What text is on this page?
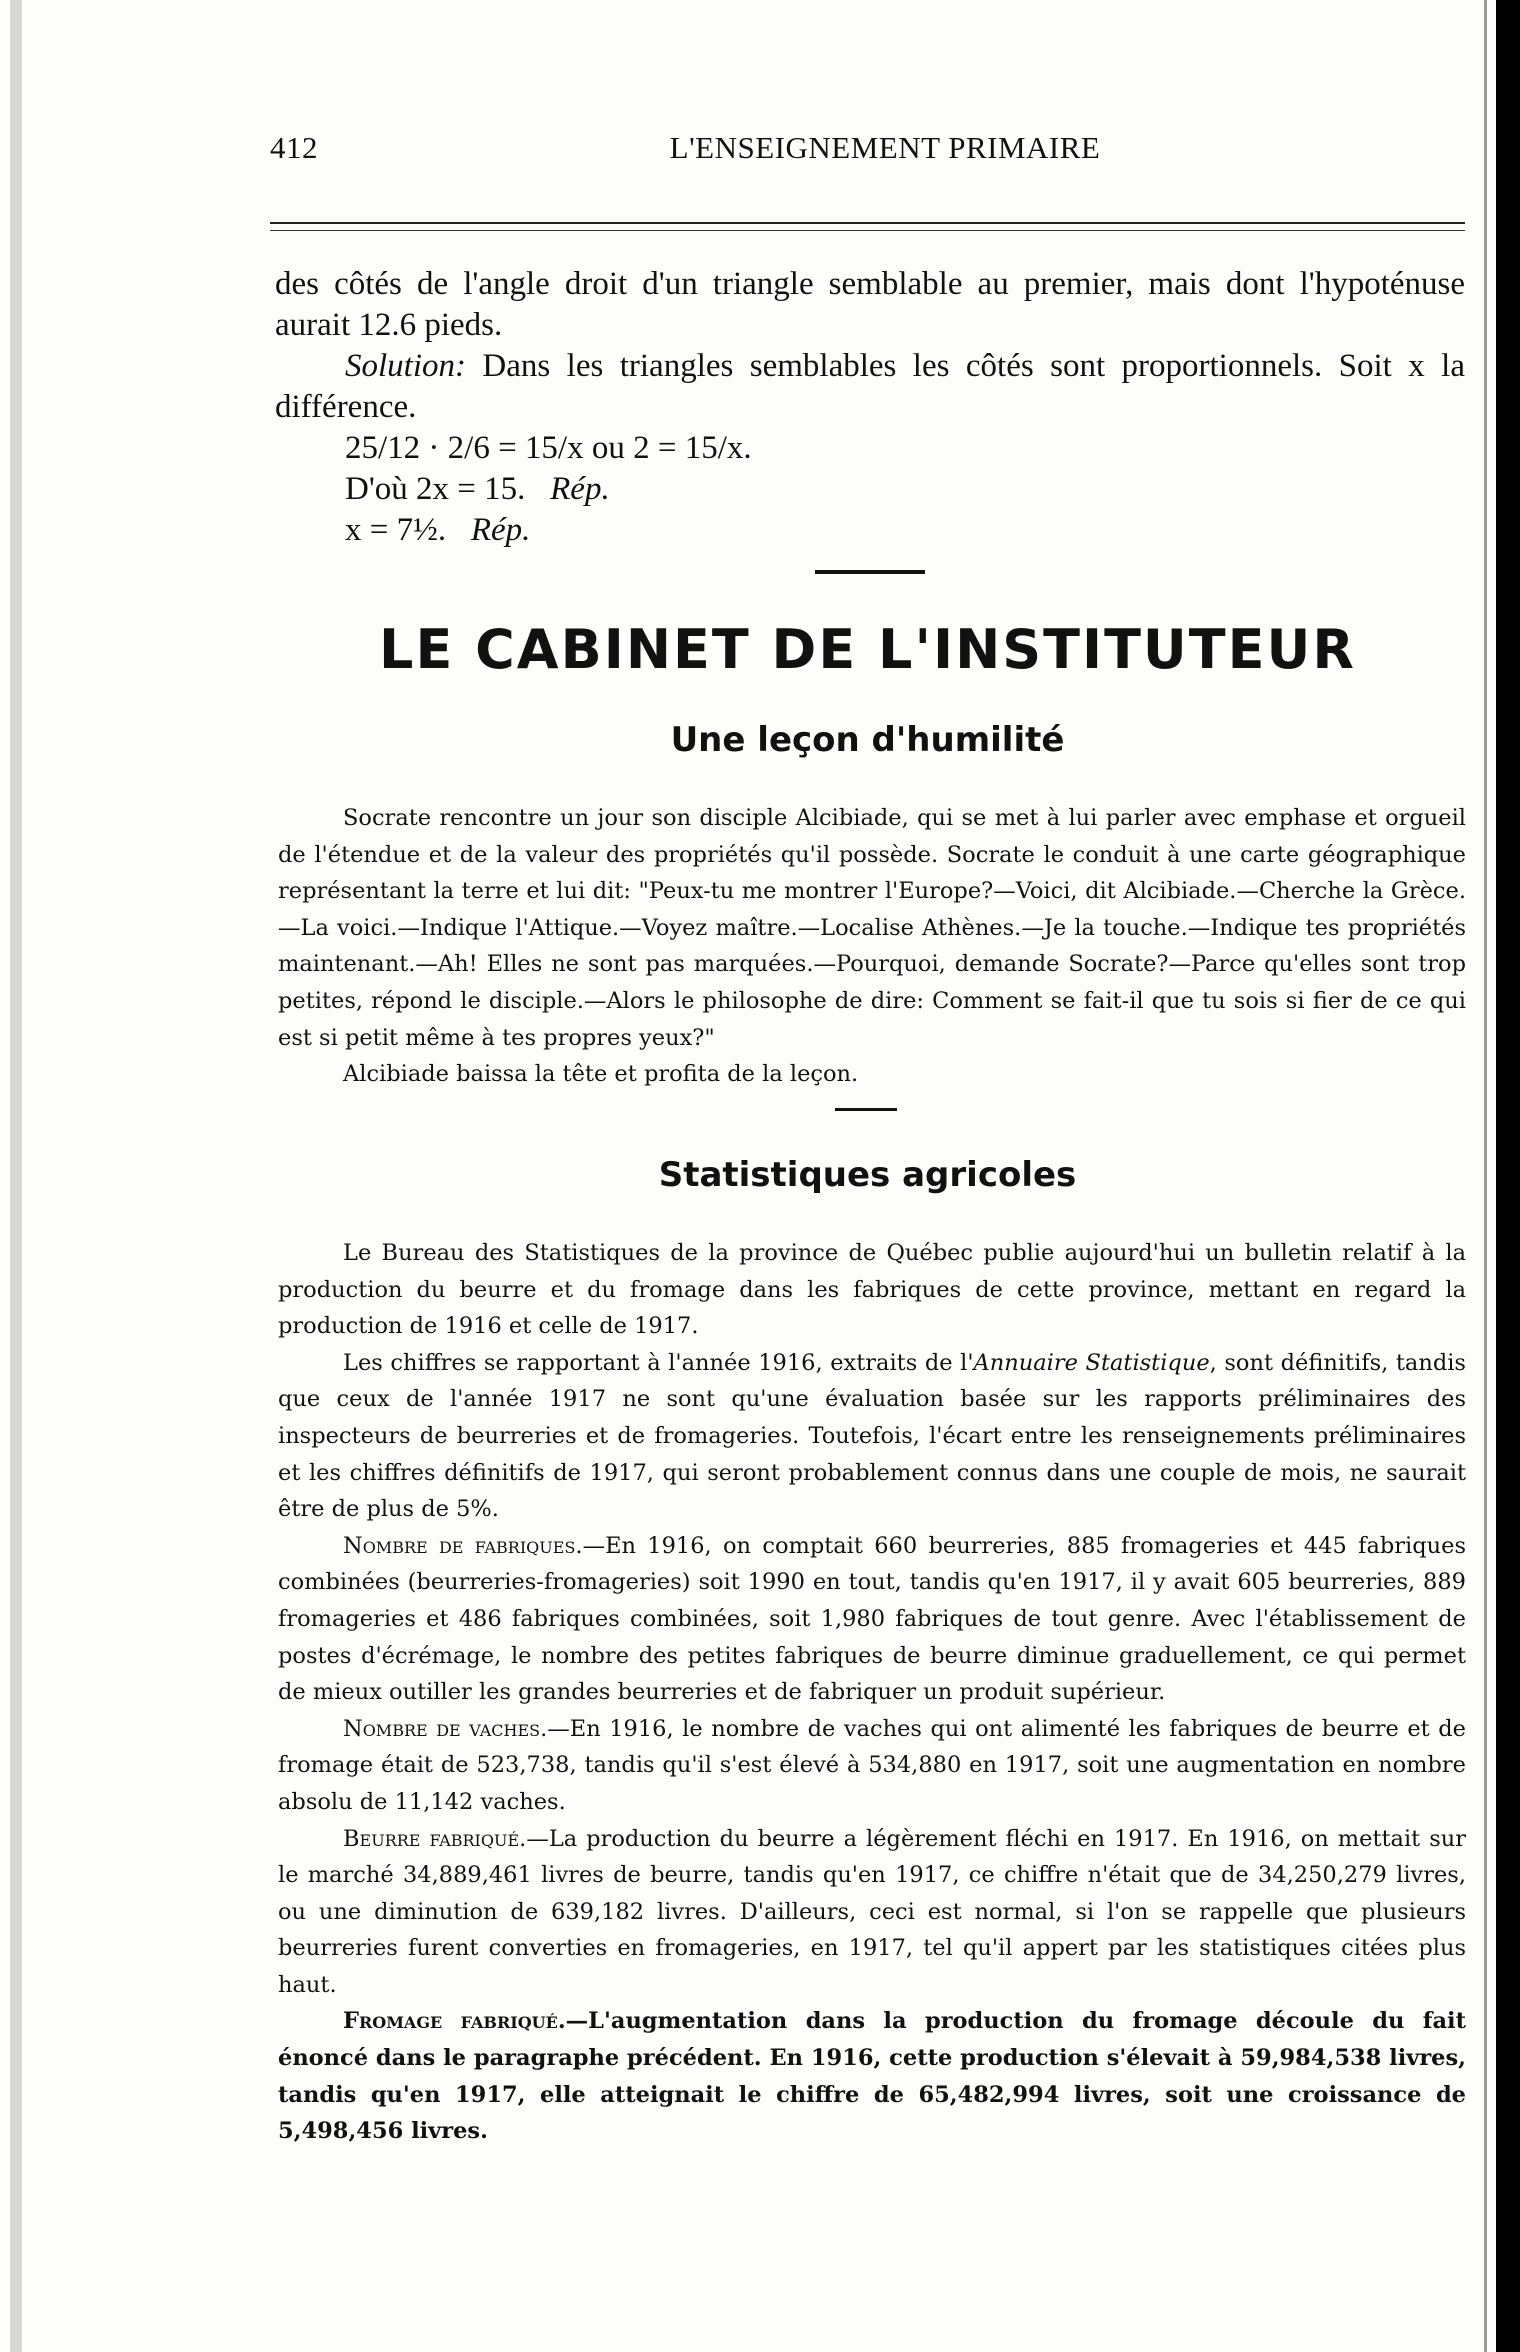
412	L'ENSEIGNEMENT PRIMAIRE

des côtés de l'angle droit d'un triangle semblable au premier, mais dont l'hypoténuse aurait 12.6 pieds.

Solution: Dans les triangles semblables les côtés sont proportionnels. Soit x la différence.

25/12 · 2/6 = 15/x ou 2 = 15/x.

D'où 2x = 15. Rép.

x = 7½. Rép.

LE CABINET DE L'INSTITUTEUR
Une leçon d'humilité

Socrate rencontre un jour son disciple Alcibiade, qui se met à lui parler avec emphase et orgueil de l'étendue et de la valeur des propriétés qu'il possède. Socrate le conduit à une carte géographique représentant la terre et lui dit: "Peux-tu me montrer l'Europe?—Voici, dit Alcibiade.—Cherche la Grèce.—La voici.—Indique l'Attique.—Voyez maître.—Localise Athènes.—Je la touche.—Indique tes propriétés maintenant.—Ah! Elles ne sont pas marquées.—Pourquoi, demande Socrate?—Parce qu'elles sont trop petites, répond le disciple.—Alors le philosophe de dire: Comment se fait-il que tu sois si fier de ce qui est si petit même à tes propres yeux?"

Alcibiade baissa la tête et profita de la leçon.

Statistiques agricoles

Le Bureau des Statistiques de la province de Québec publie aujourd'hui un bulletin relatif à la production du beurre et du fromage dans les fabriques de cette province, mettant en regard la production de 1916 et celle de 1917.

Les chiffres se rapportant à l'année 1916, extraits de l'Annuaire Statistique, sont définitifs, tandis que ceux de l'année 1917 ne sont qu'une évaluation basée sur les rapports préliminaires des inspecteurs de beurreries et de fromageries. Toutefois, l'écart entre les renseignements préliminaires et les chiffres définitifs de 1917, qui seront probablement connus dans une couple de mois, ne saurait être de plus de 5%.

Nombre de fabriques.—En 1916, on comptait 660 beurreries, 885 fromageries et 445 fabriques combinées (beurreries-fromageries) soit 1990 en tout, tandis qu'en 1917, il y avait 605 beurreries, 889 fromageries et 486 fabriques combinées, soit 1,980 fabriques de tout genre. Avec l'établissement de postes d'écrémage, le nombre des petites fabriques de beurre diminue graduellement, ce qui permet de mieux outiller les grandes beurreries et de fabriquer un produit supérieur.

Nombre de vaches.—En 1916, le nombre de vaches qui ont alimenté les fabriques de beurre et de fromage était de 523,738, tandis qu'il s'est élevé à 534,880 en 1917, soit une augmentation en nombre absolu de 11,142 vaches.

Beurre fabriqué.—La production du beurre a légèrement fléchi en 1917. En 1916, on mettait sur le marché 34,889,461 livres de beurre, tandis qu'en 1917, ce chiffre n'était que de 34,250,279 livres, ou une diminution de 639,182 livres. D'ailleurs, ceci est normal, si l'on se rappelle que plusieurs beurreries furent converties en fromageries, en 1917, tel qu'il appert par les statistiques citées plus haut.

Fromage fabriqué.—L'augmentation dans la production du fromage découle du fait énoncé dans le paragraphe précédent. En 1916, cette production s'élevait à 59,984,538 livres, tandis qu'en 1917, elle atteignait le chiffre de 65,482,994 livres, soit une croissance de 5,498,456 livres.
